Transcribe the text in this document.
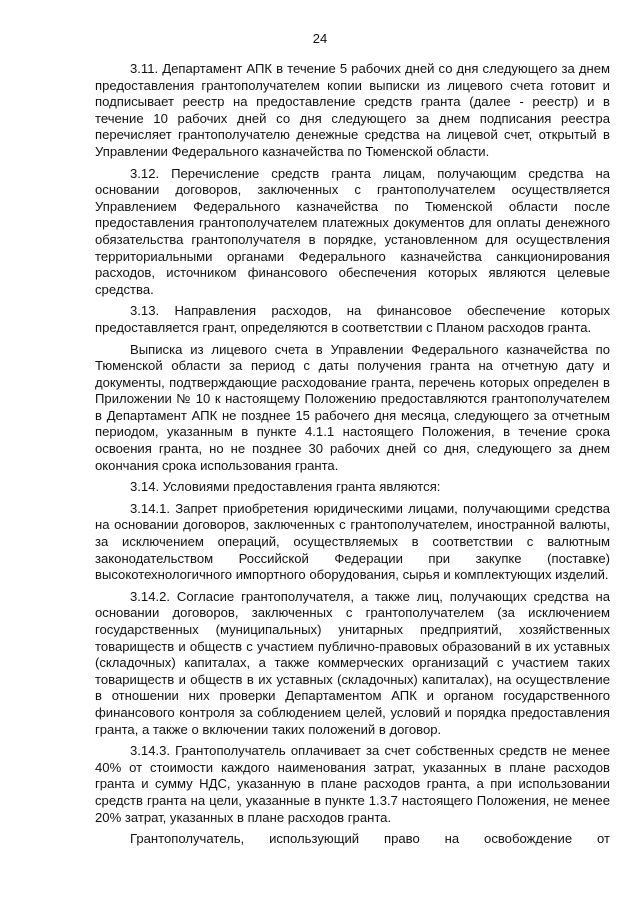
24

3.11. Департамент АПК в течение 5 рабочих дней со дня следующего за днем предоставления грантополучателем копии выписки из лицевого счета готовит и подписывает реестр на предоставление средств гранта (далее - реестр) и в течение 10 рабочих дней со дня следующего за днем подписания реестра перечисляет грантополучателю денежные средства на лицевой счет, открытый в Управлении Федерального казначейства по Тюменской области.

3.12. Перечисление средств гранта лицам, получающим средства на основании договоров, заключенных с грантополучателем осуществляется Управлением Федерального казначейства по Тюменской области после предоставления грантополучателем платежных документов для оплаты денежного обязательства грантополучателя в порядке, установленном для осуществления территориальными органами Федерального казначейства санкционирования расходов, источником финансового обеспечения которых являются целевые средства.

3.13. Направления расходов, на финансовое обеспечение которых предоставляется грант, определяются в соответствии с Планом расходов гранта.

Выписка из лицевого счета в Управлении Федерального казначейства по Тюменской области за период с даты получения гранта на отчетную дату и документы, подтверждающие расходование гранта, перечень которых определен в Приложении № 10 к настоящему Положению предоставляются грантополучателем в Департамент АПК не позднее 15 рабочего дня месяца, следующего за отчетным периодом, указанным в пункте 4.1.1 настоящего Положения, в течение срока освоения гранта, но не позднее 30 рабочих дней со дня, следующего за днем окончания срока использования гранта.

3.14. Условиями предоставления гранта являются:

3.14.1. Запрет приобретения юридическими лицами, получающими средства на основании договоров, заключенных с грантополучателем, иностранной валюты, за исключением операций, осуществляемых в соответствии с валютным законодательством Российской Федерации при закупке (поставке) высокотехнологичного импортного оборудования, сырья и комплектующих изделий.

3.14.2. Согласие грантополучателя, а также лиц, получающих средства на основании договоров, заключенных с грантополучателем (за исключением государственных (муниципальных) унитарных предприятий, хозяйственных товариществ и обществ с участием публично-правовых образований в их уставных (складочных) капиталах, а также коммерческих организаций с участием таких товариществ и обществ в их уставных (складочных) капиталах), на осуществление в отношении них проверки Департаментом АПК и органом государственного финансового контроля за соблюдением целей, условий и порядка предоставления гранта, а также о включении таких положений в договор.

3.14.3. Грантополучатель оплачивает за счет собственных средств не менее 40% от стоимости каждого наименования затрат, указанных в плане расходов гранта и сумму НДС, указанную в плане расходов гранта, а при использовании средств гранта на цели, указанные в пункте 1.3.7 настоящего Положения, не менее 20% затрат, указанных в плане расходов гранта.

Грантополучатель, использующий право на освобождение от
